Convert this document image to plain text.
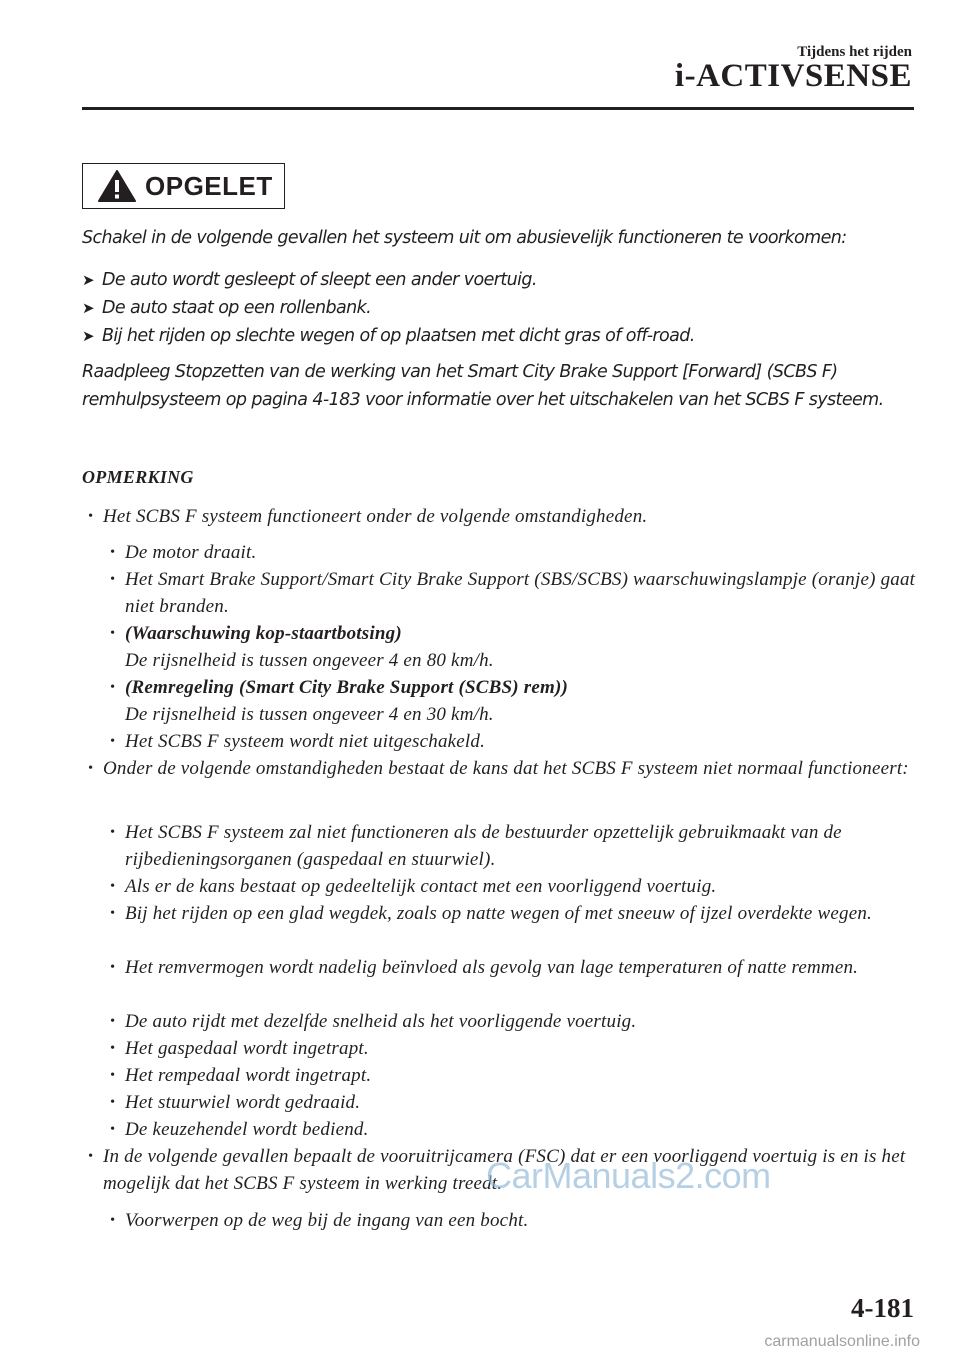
Tijdens het rijden
i-ACTIVSENSE
OPGELET
Schakel in de volgende gevallen het systeem uit om abusievelijk functioneren te voorkomen:
➤ De auto wordt gesleept of sleept een ander voertuig.
➤ De auto staat op een rollenbank.
➤ Bij het rijden op slechte wegen of op plaatsen met dicht gras of off-road.
Raadpleeg Stopzetten van de werking van het Smart City Brake Support [Forward] (SCBS F) remhulpsysteem op pagina 4-183 voor informatie over het uitschakelen van het SCBS F systeem.
OPMERKING
• Het SCBS F systeem functioneert onder de volgende omstandigheden.
• De motor draait.
• Het Smart Brake Support/Smart City Brake Support (SBS/SCBS) waarschuwingslampje (oranje) gaat niet branden.
• (Waarschuwing kop-staartbotsing)
De rijsnelheid is tussen ongeveer 4 en 80 km/h.
• (Remregeling (Smart City Brake Support (SCBS) rem))
De rijsnelheid is tussen ongeveer 4 en 30 km/h.
• Het SCBS F systeem wordt niet uitgeschakeld.
• Onder de volgende omstandigheden bestaat de kans dat het SCBS F systeem niet normaal functioneert:
• Het SCBS F systeem zal niet functioneren als de bestuurder opzettelijk gebruikmaakt van de rijbedieningsorganen (gaspedaal en stuurwiel).
• Als er de kans bestaat op gedeeltelijk contact met een voorliggend voertuig.
• Bij het rijden op een glad wegdek, zoals op natte wegen of met sneeuw of ijzel overdekte wegen.
• Het remvermogen wordt nadelig beïnvloed als gevolg van lage temperaturen of natte remmen.
• De auto rijdt met dezelfde snelheid als het voorliggende voertuig.
• Het gaspedaal wordt ingetrapt.
• Het rempedaal wordt ingetrapt.
• Het stuurwiel wordt gedraaid.
• De keuzehendel wordt bediend.
• In de volgende gevallen bepaalt de vooruitrijcamera (FSC) dat er een voorliggend voertuig is en is het mogelijk dat het SCBS F systeem in werking treedt.
• Voorwerpen op de weg bij de ingang van een bocht.
CarManuals2.com
4-181
carmanualsonline.info
